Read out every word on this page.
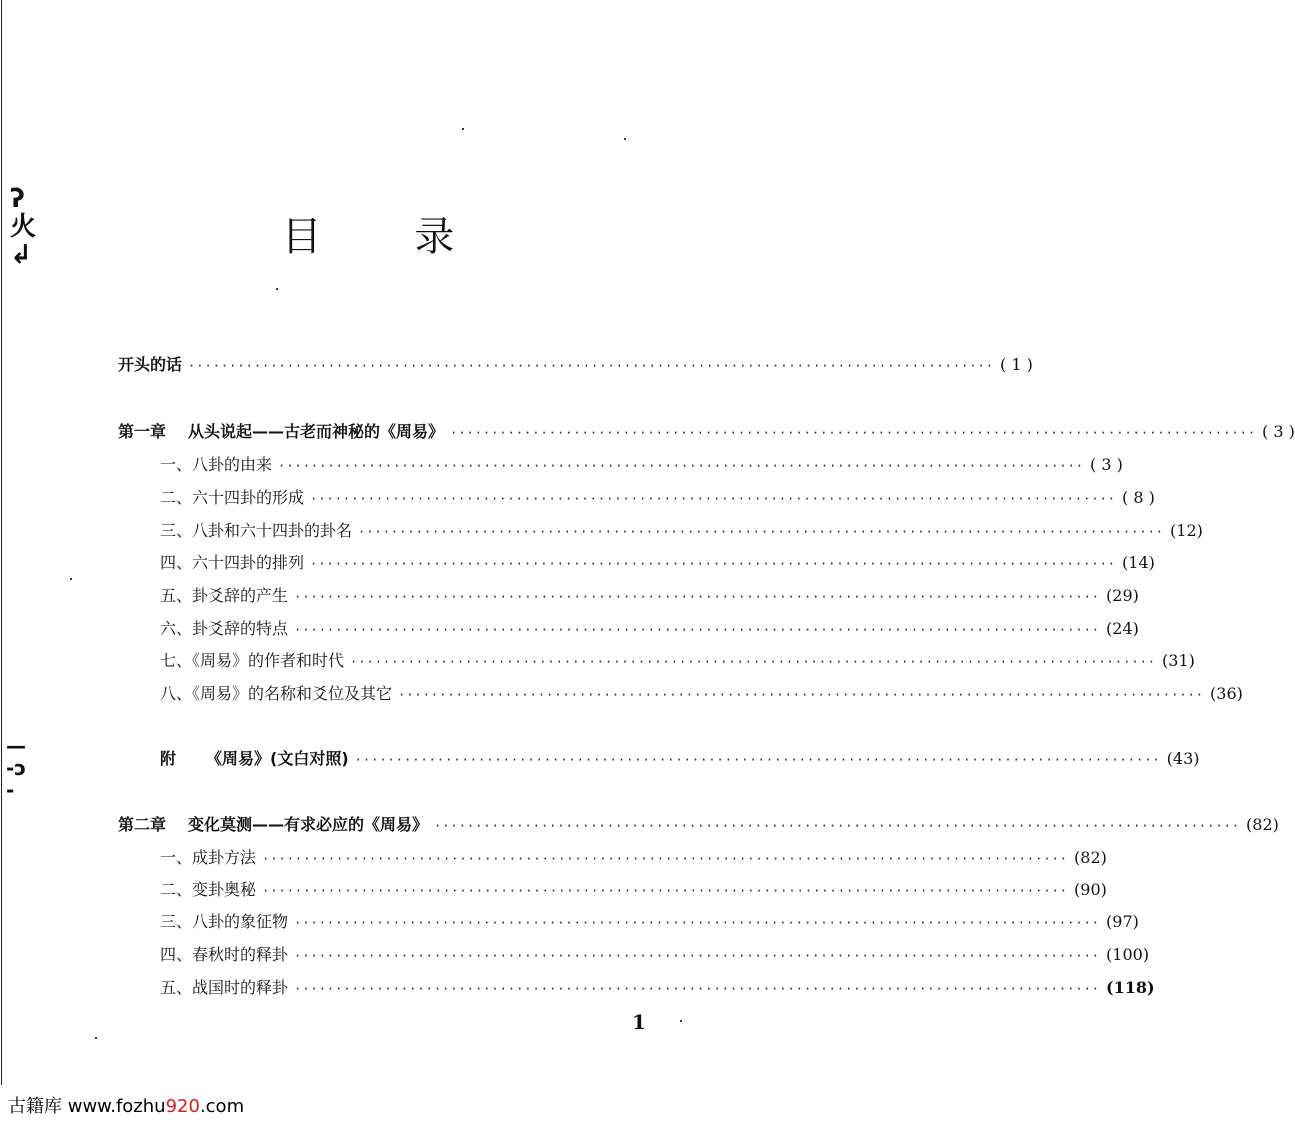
ʔ
火
↲
—
‐ɔ
-
目 录
开头的话 ·································································································· ( 1 )
第一章 从头说起——古老而神秘的《周易》 ·································································································· ( 3 )
一、八卦的由来 ·································································································· ( 3 )
二、六十四卦的形成 ·································································································· ( 8 )
三、八卦和六十四卦的卦名 ·································································································· (12)
四、六十四卦的排列 ·································································································· (14)
五、卦爻辞的产生 ·································································································· (29)
六、卦爻辞的特点 ·································································································· (24)
七、《周易》的作者和时代 ·································································································· (31)
八、《周易》的名称和爻位及其它 ·································································································· (36)
附 《周易》(文白对照) ·································································································· (43)
第二章 变化莫测——有求必应的《周易》 ·································································································· (82)
一、成卦方法 ·································································································· (82)
二、变卦奥秘 ·································································································· (90)
三、八卦的象征物 ·································································································· (97)
四、春秋时的释卦 ·································································································· (100)
五、战国时的释卦 ·································································································· (118)
1
古籍库 www.fozhu920.com
